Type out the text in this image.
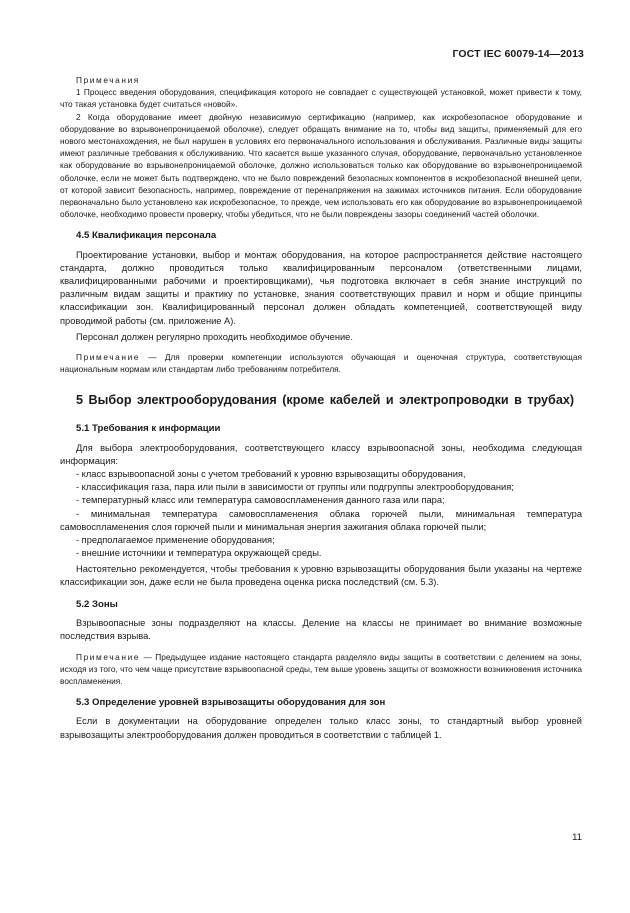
ГОСТ IEC 60079-14—2013

Примечания

1 Процесс введения оборудования, спецификация которого не совпадает с существующей установкой, может привести к тому, что такая установка будет считаться «новой».

2 Когда оборудование имеет двойную независимую сертификацию (например, как искробезопасное оборудование и оборудование во взрывонепроницаемой оболочке), следует обращать внимание на то, чтобы вид защиты, применяемый для его нового местонахождения, не был нарушен в условиях его первоначального использования и обслуживания. Различные виды защиты имеют различные требования к обслуживанию. Что касается выше указанного случая, оборудование, первоначально установленное как оборудование во взрывонепроницаемой оболочке, должно использоваться только как оборудование во взрывонепроницаемой оболочке, если не может быть подтверждено, что не было повреждений безопасных компонентов в искробезопасной внешней цепи, от которой зависит безопасность, например, повреждение от перенапряжения на зажимах источников питания. Если оборудование первоначально было установлено как искробезопасное, то прежде, чем использовать его как оборудование во взрывонепроницаемой оболочке, необходимо провести проверку, чтобы убедиться, что не были повреждены зазоры соединений частей оболочки.

4.5 Квалификация персонала

Проектирование установки, выбор и монтаж оборудования, на которое распространяется действие настоящего стандарта, должно проводиться только квалифицированным персоналом (ответственными лицами, квалифицированными рабочими и проектировщиками), чья подготовка включает в себя знание инструкций по различным видам защиты и практику по установке, знания соответствующих правил и норм и общие принципы классификации зон. Квалифицированный персонал должен обладать компетенцией, соответствующей виду проводимой работы (см. приложение А).

Персонал должен регулярно проходить необходимое обучение.

Примечание — Для проверки компетенции используются обучающая и оценочная структура, соответствующая национальным нормам или стандартам либо требованиям потребителя.

5 Выбор электрооборудования (кроме кабелей и электропроводки в трубах)

5.1 Требования к информации

Для выбора электрооборудования, соответствующего классу взрывоопасной зоны, необходима следующая информация:

- класс взрывоопасной зоны с учетом требований к уровню взрывозащиты оборудования,

- классификация газа, пара или пыли в зависимости от группы или подгруппы электрооборудования;

- температурный класс или температура самовоспламенения данного газа или пара;

- минимальная температура самовоспламенения облака горючей пыли, минимальная температура самовоспламенения слоя горючей пыли и минимальная энергия зажигания облака горючей пыли;

- предполагаемое применение оборудования;

- внешние источники и температура окружающей среды.

Настоятельно рекомендуется, чтобы требования к уровню взрывозащиты оборудования были указаны на чертеже классификации зон, даже если не была проведена оценка риска последствий (см. 5.3).

5.2 Зоны

Взрывоопасные зоны подразделяют на классы. Деление на классы не принимает во внимание возможные последствия взрыва.

Примечание — Предыдущее издание настоящего стандарта разделяло виды защиты в соответствии с делением на зоны, исходя из того, что чем чаще присутствие взрывоопасной среды, тем выше уровень защиты от возможности возникновения источника воспламенения.

5.3 Определение уровней взрывозащиты оборудования для зон

Если в документации на оборудование определен только класс зоны, то стандартный выбор уровней взрывозащиты электрооборудования должен проводиться в соответствии с таблицей 1.

11
